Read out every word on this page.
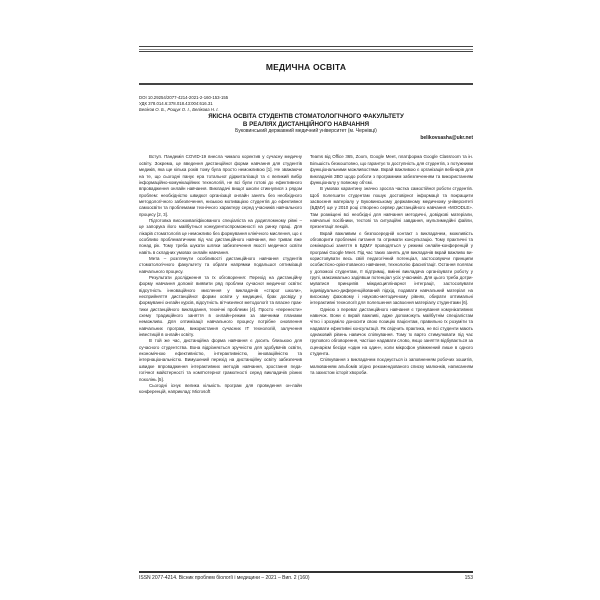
МЕДИЧНА ОСВІТА
DOI 10.29254/2077-4214-2021-2-160-153-155
УДК 378.014.6:378.018.43:004:616.31
Беліков О. Б., Рощук О. І., Белікова Н. І.
ЯКІСНА ОСВІТА СТУДЕНТІВ СТОМАТОЛОГІЧНОГО ФАКУЛЬТЕТУ
В РЕАЛІЯХ ДИСТАНЦІЙНОГО НАВЧАННЯ
Буковинський державний медичний університет (м. Чернівці)
belikovsasha@ukr.net

Вступ. Пандемія COVID-19 внесла чимало коректив у сучасну медичну освіту. Зокрема, це введення дистанційної форми навчання для студентів медиків, яка ще кілька років тому була просто неможливою [1]. Не зважаючи на те, що сьогодні панує ера тотальної діджиталізації та є великий вибір інформаційно-комунікаційних технологій, не всі були готові до ефективного впровадження онлайн навчання. Викладачі вищої школи стикнулися з рядом проблем: необхідністю швидкої організації онлайн занять без необхідного методологічного забезпечення, низькою мотивацією студентів до ефективної самоосвіти та проблемами технічного характеру серед учасників навчального процесу [2, 3].

Підготовка висококваліфікованого спеціаліста на додипломному рівні – це запорука його майбутньої конкурентоспроможності на ринку праці. Для лікарів стоматологів це неможливо без формування клінічного мислення, що є особливо проблематичним під час дистанційного навчання, яке триває вже понад рік. Тому треба шукати шляхи забезпечення якості медичної освіти навіть в складних умовах онлайн навчання.

Мета – розглянути особливості дистанційного навчання студентів стоматологічного факультету та обрати напрямки подальшої оптимізації навчального процесу.

Результати дослідження та їх обговорення: Перехід на дистанційну форму навчання допоміг виявити ряд проблем сучасної медичної освіти: відсутність інноваційного мислення у викладачів «старої школи», несприйняття дистанційної форми освіти у медицині, брак досвіду у формуванні онлайн курсів, відсутність вітчизняної методології та власне практики дистанційного викладання, технічні проблеми [4]. Просто «перенести» схему традиційного заняття в онлайн-режим за звичними планами неможливо. Для оптимізації навчального процесу потрібне оновлення навчальних програм, використання сучасних IT технологій, залучення інвестицій в онлайн освіту.

В той же час, дистанційна форма навчання є досить близькою для сучасного студентства. Вона відрізняється зручністю для здобувачів освіти, економічною ефективністю, інтерактивністю, інноваційністю та інтернаціональністю. Вимушений перехід на дистанційну освіту забезпечив швидке впровадження інтерактивних методів навчання, зростання педагогічної майстерності та комп’ютерної грамотності серед викладачів різних поколінь [5].

Сьогодні існує велика кількість програм для проведення он-лайн конференцій, наприклад: Microsoft

Teams від Office 365, Zoom, Google Meet, платформа Google Classroom та ін. Більшість безкоштовно, що гарантує їх доступність для студентів, з потужними функціональними можливостями. Вкрай важливою є організація вебінарів для викладачів ЗВО щодо роботи з програмним забезпеченням та використанням функціоналу у повному об’ємі.

В умовах карантину значно зросла частка самостійної роботи студентів. Щоб полегшити студентам пошук достовірної інформації та покращити засвоєння матеріалу у Буковинському державному медичному університеті (БДМУ) ще у 2010 році створено сервер дистанційного навчання «MOODLE». Там розміщені всі необхідні для навчання методичні, довідкові матеріали, навчальні посібники, тестові та ситуаційні завдання, мультимедійні файли, презентації лекцій.

Вкрай важливим є безпосередній контакт з викладачем, можливість обговорити проблемні питання та отримати консультацію. Тому практичні та семінарські заняття в БДМУ проводяться у режимі онлайн-конференцій у програмі Google Meet. Під час таких занять для викладачів вкрай важливо використовувати весь свій педагогічний потенціал, застосовуючи принципи особистісно-орієнтованого навчання, технологію фасилітації. Остання полягає у допомозі студентам, її підтримці, вмінні викладача організувати роботу у групі, максимально задіявши потенціал усіх учасників. Для цього треба дотримуватися принципів міждисциплінарної інтеграції, застосовувати індивідуально-диференційований підхід, подавати навчальний матеріал на високому фаховому і науково-методичному рівнях, обирати оптимальні інтерактивні технології для полегшення засвоєння матеріалу студентами [6].

Однією з переваг дистанційного навчання є тренування комунікативних навичок. Вони є вкрай важливі, адже допоможуть майбутнім спеціалістам чітко і зрозуміло доносити свою позицію пацієнтам, правильно їх розуміти та надавати ефективні консультації. Як свідчить практика, не всі студенти мають однаковий рівень навичок спілкування. Тому їх варто стимулювати під час групового обговорення, частіше надавати слово, якщо заняття відбувається за сценарієм бесіди «один на один», коли мікрофон увімкнений лише в одного студента.

Спілкування з викладачем поєднується із заповненням робочих зошитів, малюванням альбомів згідно рекомендованого списку малюнків, написанням та захистом історії хвороби.

ISSN 2077-4214. Вісник проблем біології і медицини – 2021 – Вип. 2 (160)	153
